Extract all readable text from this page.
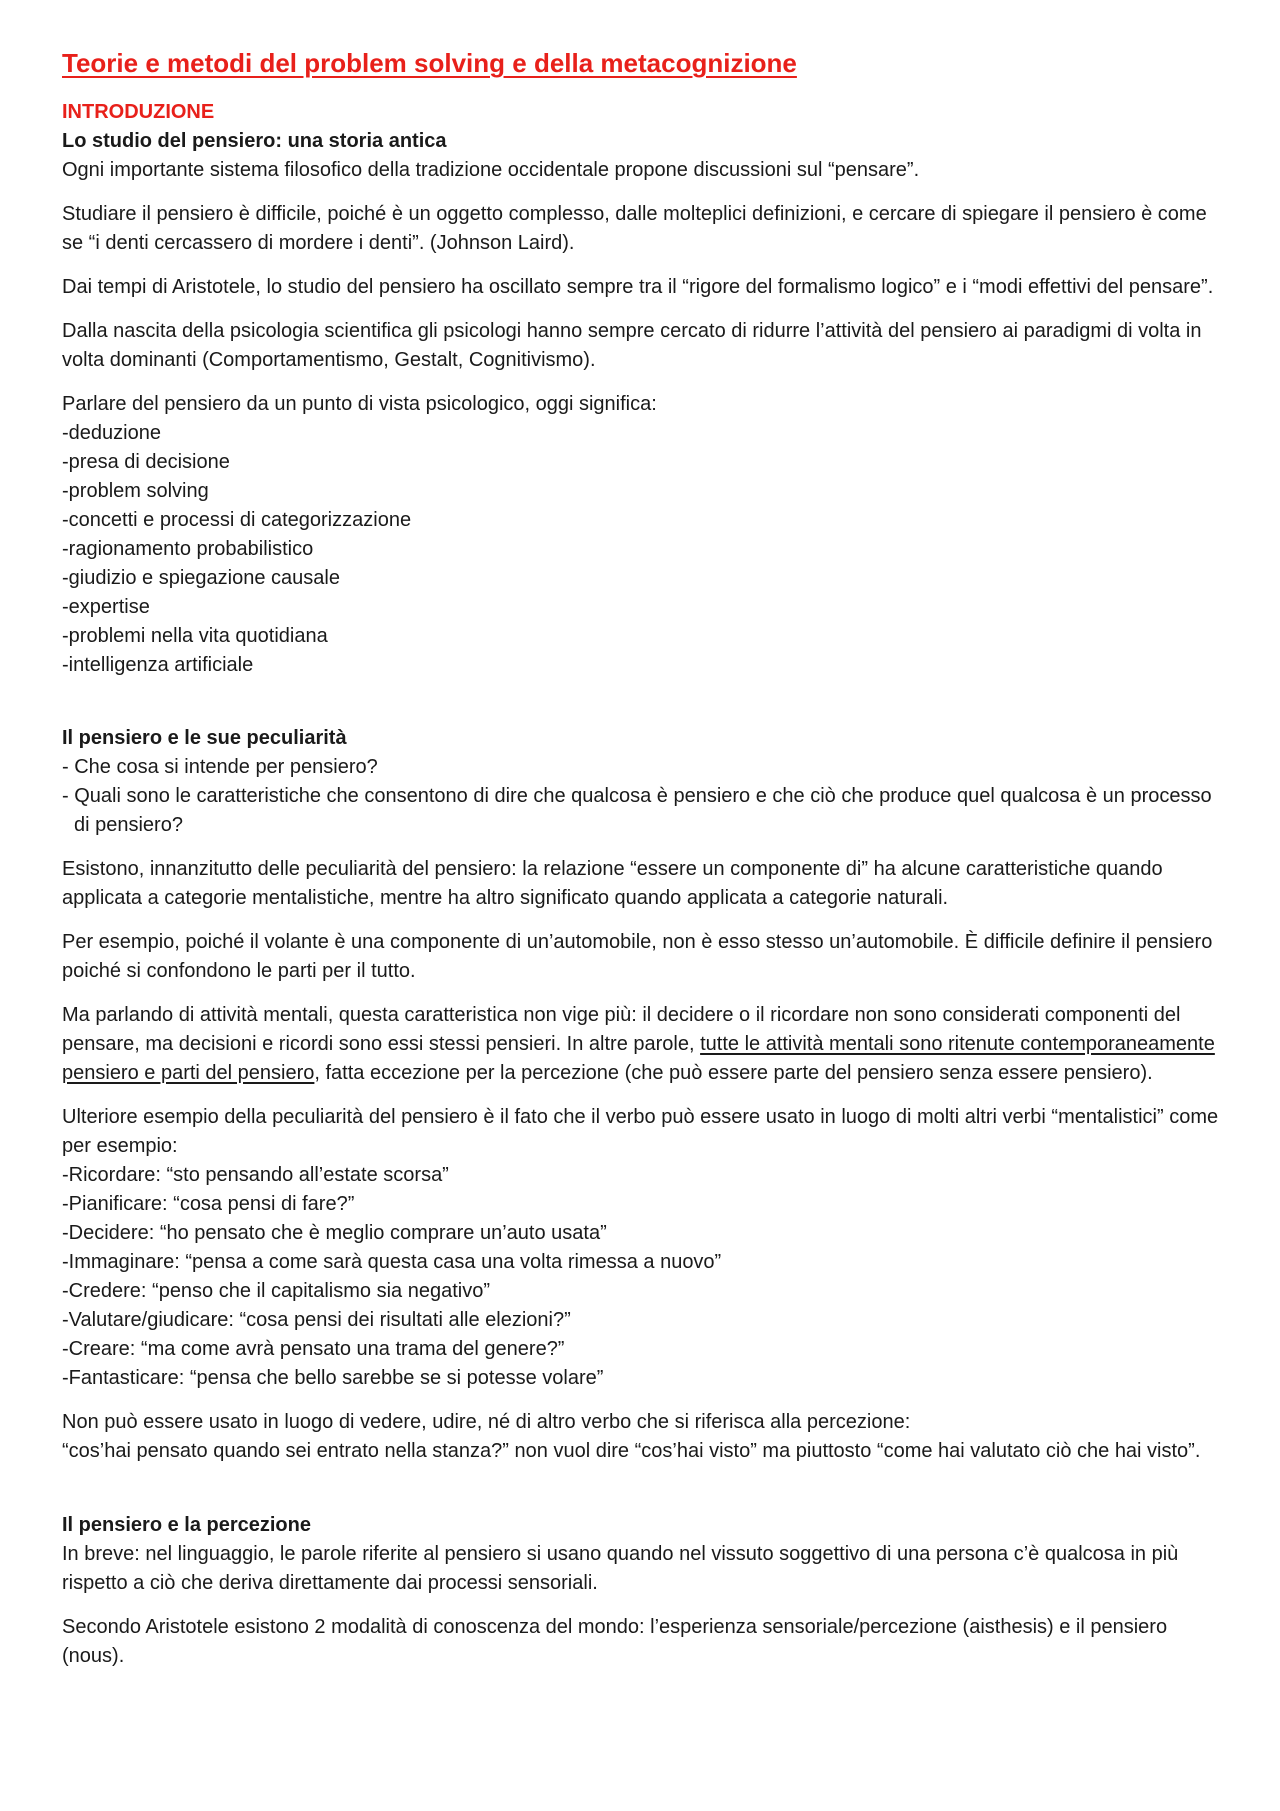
Teorie e metodi del problem solving e della metacognizione
INTRODUZIONE
Lo studio del pensiero: una storia antica

Ogni importante sistema filosofico della tradizione occidentale propone discussioni sul “pensare”.

Studiare il pensiero è difficile, poiché è un oggetto complesso, dalle molteplici definizioni, e cercare di spiegare il pensiero è come se “i denti cercassero di mordere i denti”. (Johnson Laird).

Dai tempi di Aristotele, lo studio del pensiero ha oscillato sempre tra il “rigore del formalismo logico” e i “modi effettivi del pensare”.

Dalla nascita della psicologia scientifica gli psicologi hanno sempre cercato di ridurre l’attività del pensiero ai paradigmi di volta in volta dominanti (Comportamentismo, Gestalt, Cognitivismo).

Parlare del pensiero da un punto di vista psicologico, oggi significa:

-deduzione
-presa di decisione
-problem solving
-concetti e processi di categorizzazione
-ragionamento probabilistico
-giudizio e spiegazione causale
-expertise
-problemi nella vita quotidiana
-intelligenza artificiale
Il pensiero e le sue peculiarità
- Che cosa si intende per pensiero?
- Quali sono le caratteristiche che consentono di dire che qualcosa è pensiero e che ciò che produce quel qualcosa è un processo di pensiero?

Esistono, innanzitutto delle peculiarità del pensiero: la relazione “essere un componente di” ha alcune caratteristiche quando applicata a categorie mentalistiche, mentre ha altro significato quando applicata a categorie naturali.

Per esempio, poiché il volante è una componente di un’automobile, non è esso stesso un’automobile. È difficile definire il pensiero poiché si confondono le parti per il tutto.

Ma parlando di attività mentali, questa caratteristica non vige più: il decidere o il ricordare non sono considerati componenti del pensare, ma decisioni e ricordi sono essi stessi pensieri. In altre parole, tutte le attività mentali sono ritenute contemporaneamente pensiero e parti del pensiero, fatta eccezione per la percezione (che può essere parte del pensiero senza essere pensiero).

Ulteriore esempio della peculiarità del pensiero è il fato che il verbo può essere usato in luogo di molti altri verbi “mentalistici” come per esempio:

-Ricordare: “sto pensando all’estate scorsa”
-Pianificare: “cosa pensi di fare?”
-Decidere: “ho pensato che è meglio comprare un’auto usata”
-Immaginare: “pensa a come sarà questa casa una volta rimessa a nuovo”
-Credere: “penso che il capitalismo sia negativo”
-Valutare/giudicare: “cosa pensi dei risultati alle elezioni?”
-Creare: “ma come avrà pensato una trama del genere?”
-Fantasticare: “pensa che bello sarebbe se si potesse volare”

Non può essere usato in luogo di vedere, udire, né di altro verbo che si riferisca alla percezione:
“cos’hai pensato quando sei entrato nella stanza?” non vuol dire “cos’hai visto” ma piuttosto “come hai valutato ciò che hai visto”.

Il pensiero e la percezione

In breve: nel linguaggio, le parole riferite al pensiero si usano quando nel vissuto soggettivo di una persona c’è qualcosa in più rispetto a ciò che deriva direttamente dai processi sensoriali.

Secondo Aristotele esistono 2 modalità di conoscenza del mondo: l’esperienza sensoriale/percezione (aisthesis) e il pensiero (nous).
